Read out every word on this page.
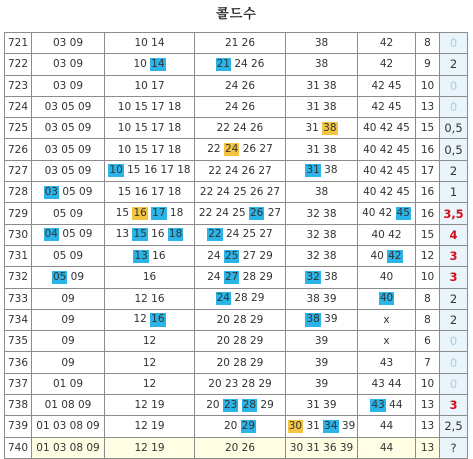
콜드수
721	03 09	10 14	21 26	38	42	8	0
722	03 09	10 14	21 24 26	38	42	9	2
723	03 09	10 17	24 26	31 38	42 45	10	0
724	03 05 09	10 15 17 18	24 26	31 38	42 45	13	0
725	03 05 09	10 15 17 18	22 24 26	31 38	40 42 45	15	0,5
726	03 05 09	10 15 17 18	22 24 26 27	31 38	40 42 45	16	0,5
727	03 05 09	10 15 16 17 18	22 24 26 27	31 38	40 42 45	17	2
728	03 05 09	15 16 17 18	22 24 25 26 27	38	40 42 45	16	1
729	05 09	15 16 17 18	22 24 25 26 27	32 38	40 42 45	16	3,5
730	04 05 09	13 15 16 18	22 24 25 27	32 38	40 42	15	4
731	05 09	13 16	24 25 27 29	32 38	40 42	12	3
732	05 09	16	24 27 28 29	32 38	40	10	3
733	09	12 16	24 28 29	38 39	40	8	2
734	09	12 16	20 28 29	38 39	x	8	2
735	09	12	20 28 29	39	x	6	0
736	09	12	20 28 29	39	43	7	0
737	01 09	12	20 23 28 29	39	43 44	10	0
738	01 08 09	12 19	20 23 28 29	31 39	43 44	13	3
739	01 03 08 09	12 19	20 29	30 31 34 39	44	13	2,5
740	01 03 08 09	12 19	20 26	30 31 36 39	44	13	?
